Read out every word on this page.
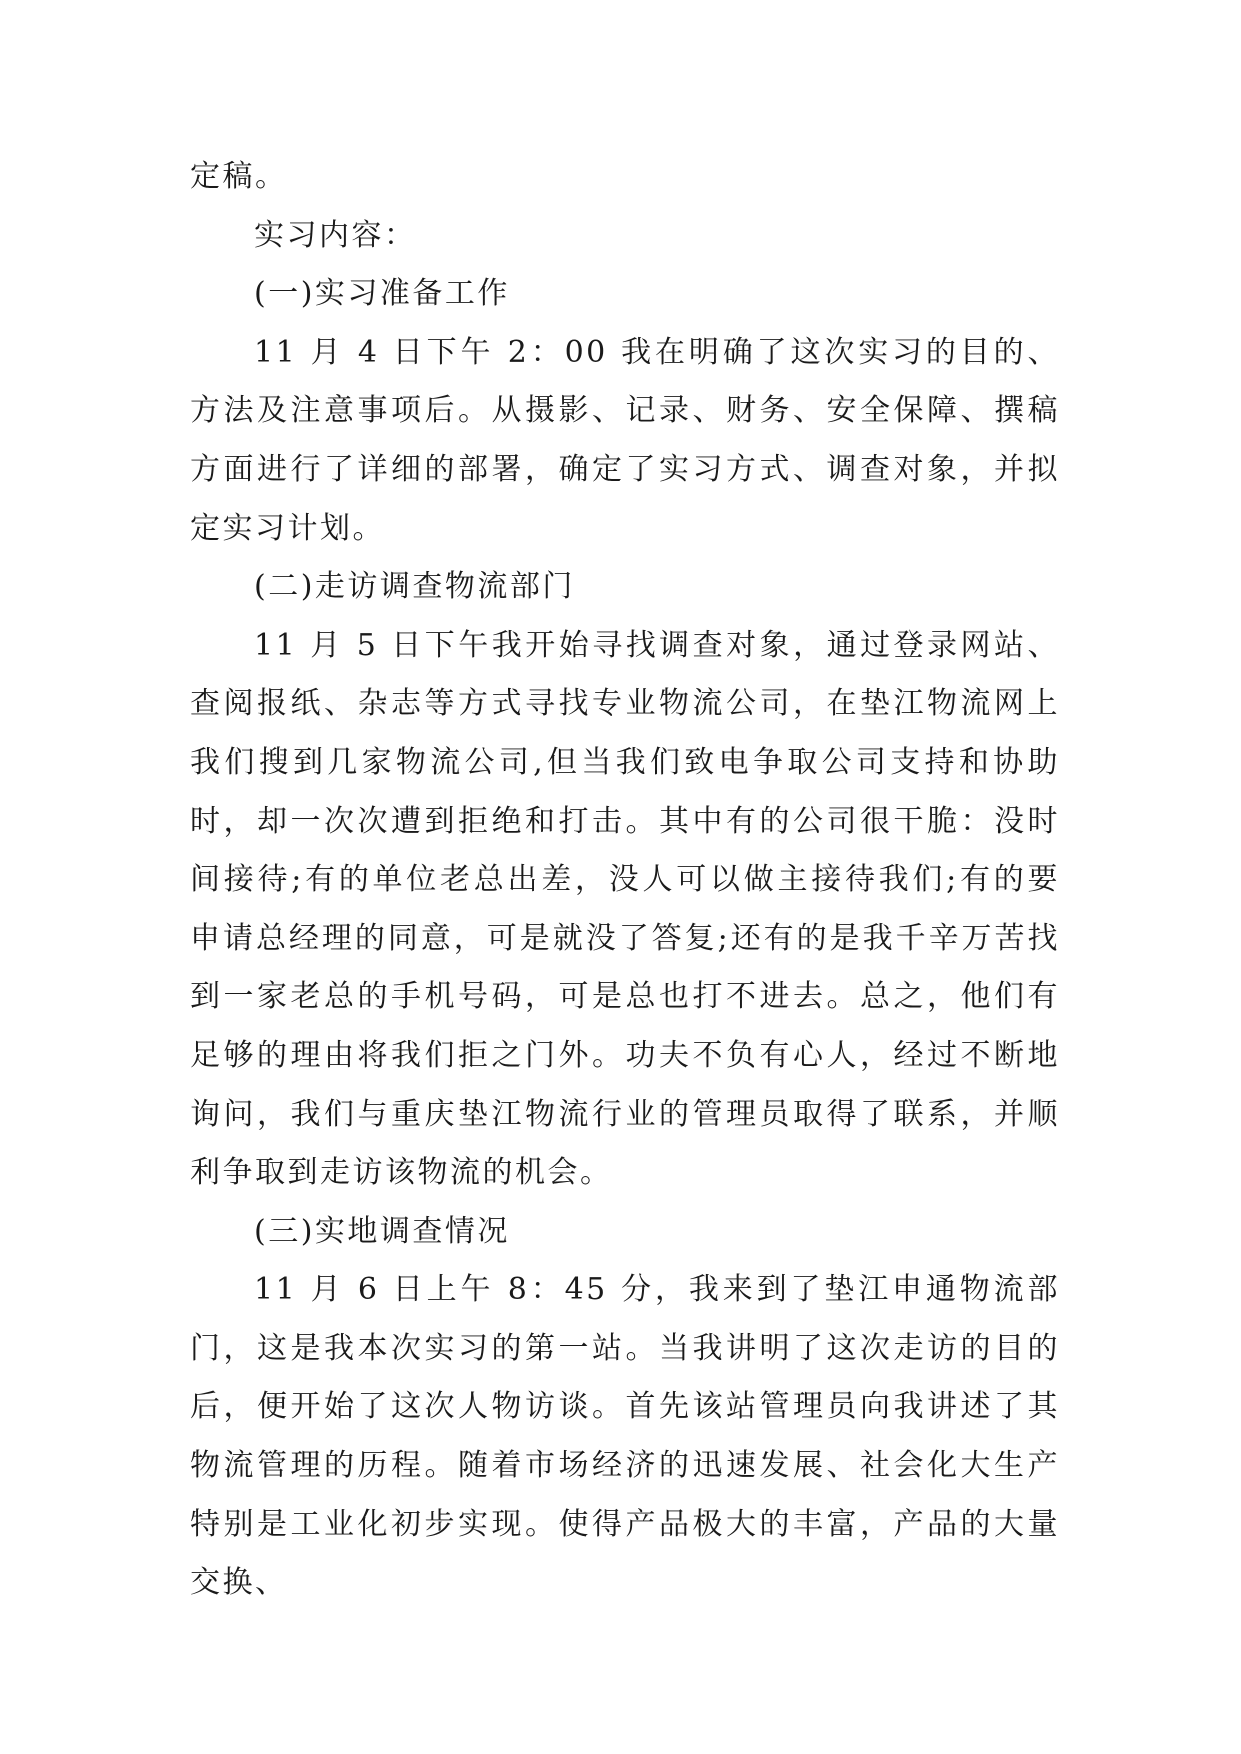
定稿。

实习内容：

(一)实习准备工作

11 月 4 日下午 2：00 我在明确了这次实习的目的、方法及注意事项后。从摄影、记录、财务、安全保障、撰稿方面进行了详细的部署，确定了实习方式、调查对象，并拟定实习计划。

(二)走访调查物流部门

11 月 5 日下午我开始寻找调查对象，通过登录网站、查阅报纸、杂志等方式寻找专业物流公司，在垫江物流网上我们搜到几家物流公司,但当我们致电争取公司支持和协助时，却一次次遭到拒绝和打击。其中有的公司很干脆：没时间接待;有的单位老总出差，没人可以做主接待我们;有的要申请总经理的同意，可是就没了答复;还有的是我千辛万苦找到一家老总的手机号码，可是总也打不进去。总之，他们有足够的理由将我们拒之门外。功夫不负有心人，经过不断地询问，我们与重庆垫江物流行业的管理员取得了联系，并顺利争取到走访该物流的机会。

(三)实地调查情况

11 月 6 日上午 8：45 分，我来到了垫江申通物流部门，这是我本次实习的第一站。当我讲明了这次走访的目的后，便开始了这次人物访谈。首先该站管理员向我讲述了其物流管理的历程。随着市场经济的迅速发展、社会化大生产特别是工业化初步实现。使得产品极大的丰富，产品的大量交换、
